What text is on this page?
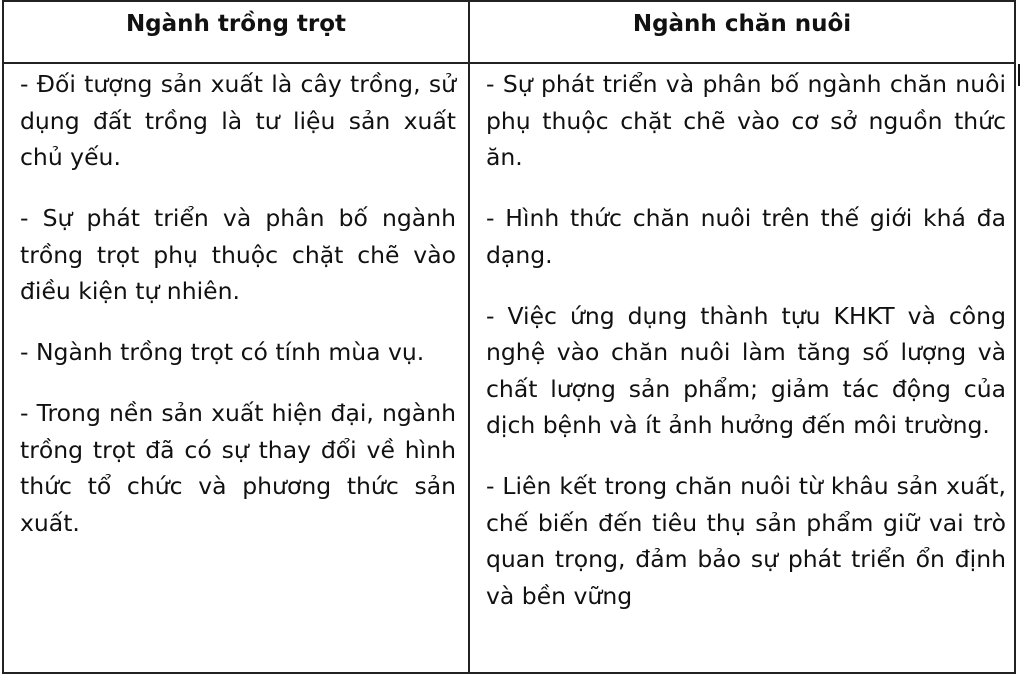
Ngành trồng trọt	Ngành chăn nuôi

- Đối tượng sản xuất là cây trồng, sử dụng đất trồng là tư liệu sản xuất chủ yếu.

- Sự phát triển và phân bố ngành trồng trọt phụ thuộc chặt chẽ vào điều kiện tự nhiên.

- Ngành trồng trọt có tính mùa vụ.

- Trong nền sản xuất hiện đại, ngành trồng trọt đã có sự thay đổi về hình thức tổ chức và phương thức sản xuất.

- Sự phát triển và phân bố ngành chăn nuôi phụ thuộc chặt chẽ vào cơ sở nguồn thức ăn.

- Hình thức chăn nuôi trên thế giới khá đa dạng.

- Việc ứng dụng thành tựu KHKT và công nghệ vào chăn nuôi làm tăng số lượng và chất lượng sản phẩm; giảm tác động của dịch bệnh và ít ảnh hưởng đến môi trường.

- Liên kết trong chăn nuôi từ khâu sản xuất, chế biến đến tiêu thụ sản phẩm giữ vai trò quan trọng, đảm bảo sự phát triển ổn định và bền vững
